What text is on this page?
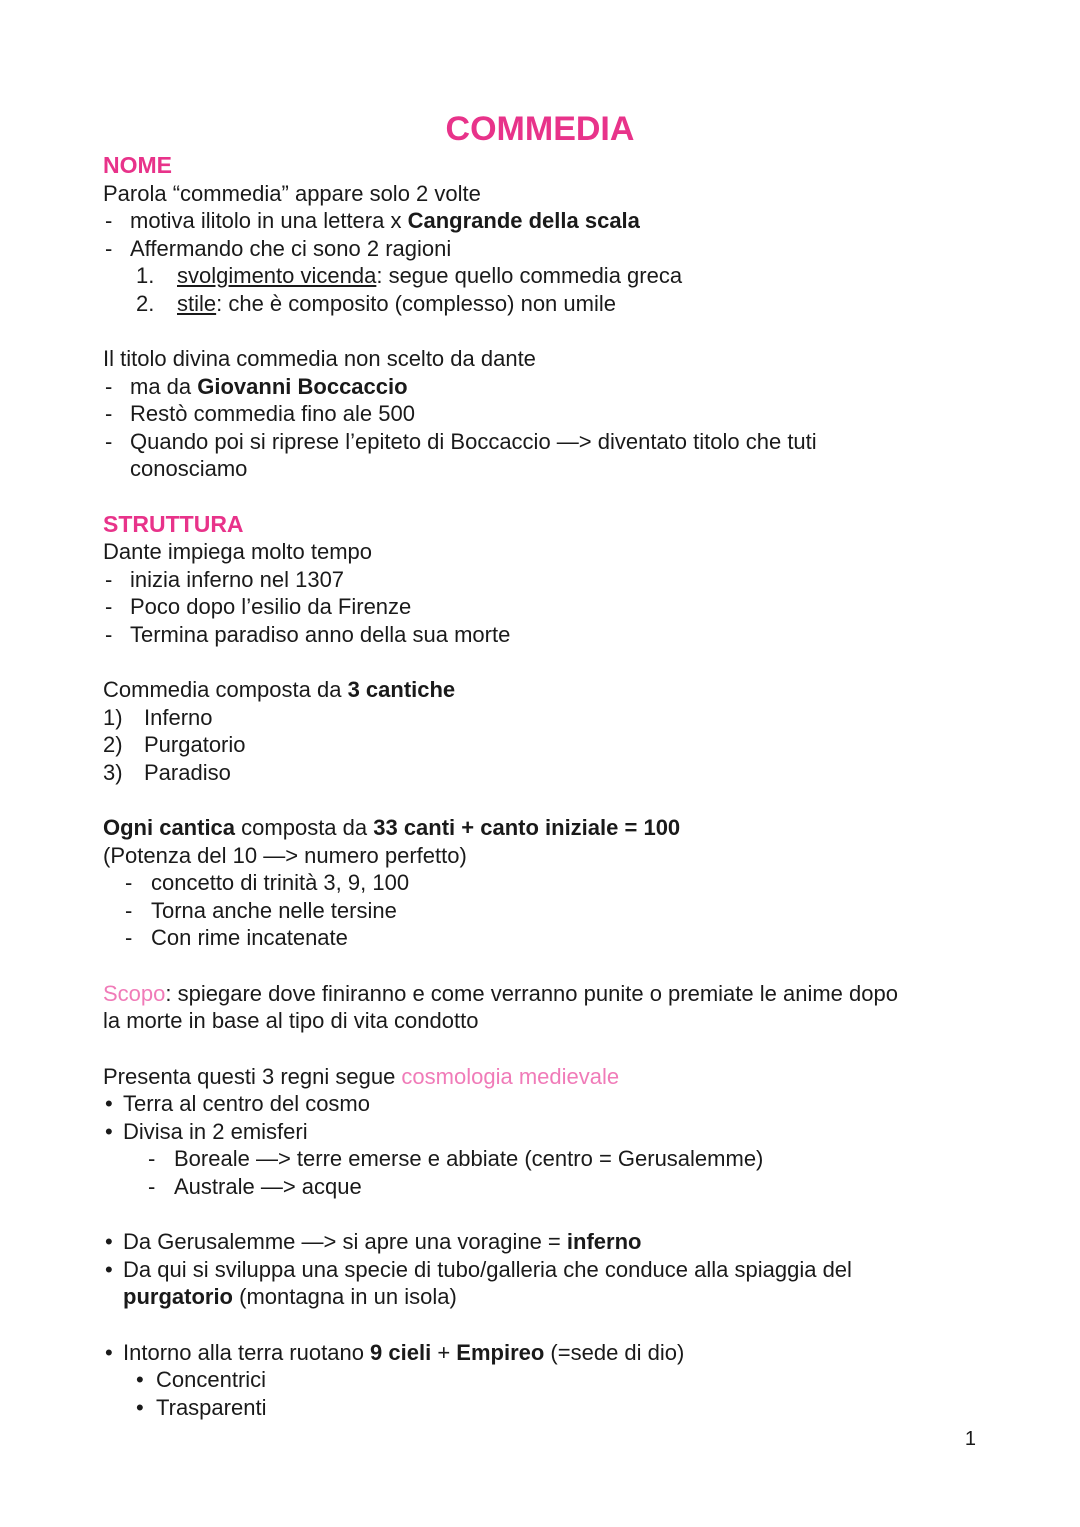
COMMEDIA
NOME
Parola “commedia” appare solo 2 volte
- motiva ilitolo in una lettera x Cangrande della scala
- Affermando che ci sono 2 ragioni
1. svolgimento vicenda: segue quello commedia greca
2. stile: che è composito (complesso) non umile
Il titolo divina commedia non scelto da dante
- ma da Giovanni Boccaccio
- Restò commedia fino ale 500
- Quando poi si riprese l’epiteto di Boccaccio —> diventato titolo che tuti
conosciamo
STRUTTURA
Dante impiega molto tempo
- inizia inferno nel 1307
- Poco dopo l’esilio da Firenze
- Termina paradiso anno della sua morte
Commedia composta da 3 cantiche
1) Inferno
2) Purgatorio
3) Paradiso
Ogni cantica composta da 33 canti + canto iniziale = 100
(Potenza del 10 —> numero perfetto)
- concetto di trinità 3, 9, 100
- Torna anche nelle tersine
- Con rime incatenate
Scopo: spiegare dove finiranno e come verranno punite o premiate le anime dopo
la morte in base al tipo di vita condotto
Presenta questi 3 regni segue cosmologia medievale
• Terra al centro del cosmo
• Divisa in 2 emisferi
- Boreale —> terre emerse e abbiate (centro = Gerusalemme)
- Australe —> acque
• Da Gerusalemme —> si apre una voragine = inferno
• Da qui si sviluppa una specie di tubo/galleria che conduce alla spiaggia del
purgatorio (montagna in un isola)
• Intorno alla terra ruotano 9 cieli + Empireo (=sede di dio)
• Concentrici
• Trasparenti
1
